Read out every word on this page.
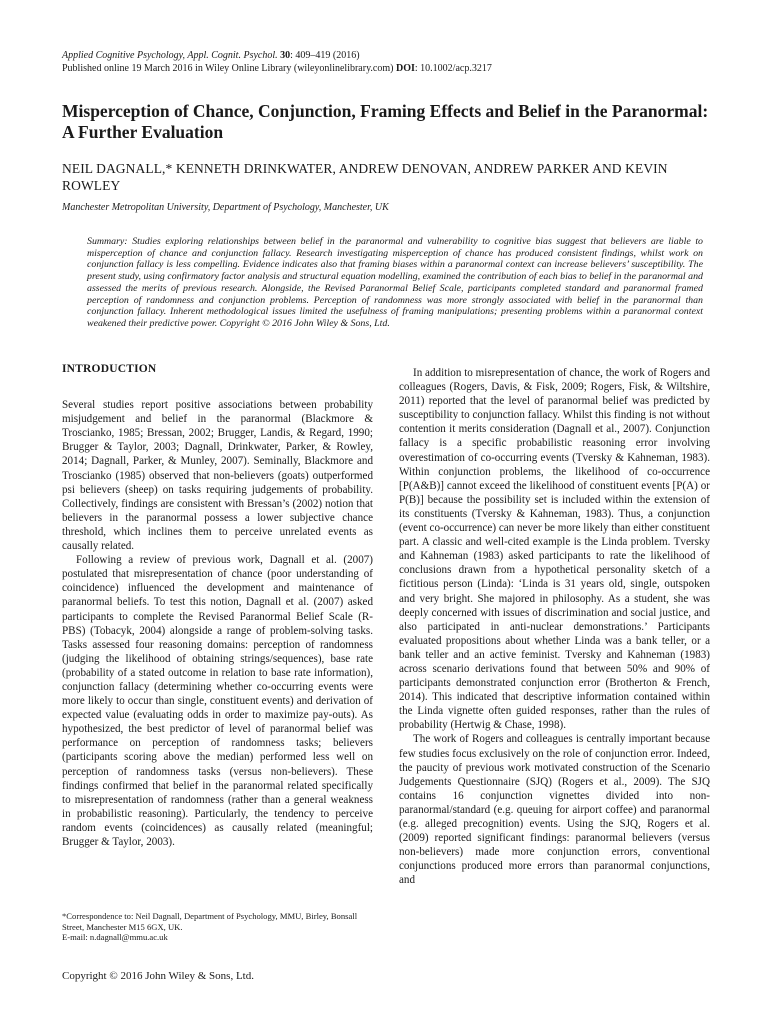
Applied Cognitive Psychology, Appl. Cognit. Psychol. 30: 409–419 (2016)
Published online 19 March 2016 in Wiley Online Library (wileyonlinelibrary.com) DOI: 10.1002/acp.3217
Misperception of Chance, Conjunction, Framing Effects and Belief in the Paranormal: A Further Evaluation
NEIL DAGNALL,* KENNETH DRINKWATER, ANDREW DENOVAN, ANDREW PARKER AND KEVIN ROWLEY
Manchester Metropolitan University, Department of Psychology, Manchester, UK

Summary: Studies exploring relationships between belief in the paranormal and vulnerability to cognitive bias suggest that believers are liable to misperception of chance and conjunction fallacy. Research investigating misperception of chance has produced consistent findings, whilst work on conjunction fallacy is less compelling. Evidence indicates also that framing biases within a paranormal context can increase believers’ susceptibility. The present study, using confirmatory factor analysis and structural equation modelling, examined the contribution of each bias to belief in the paranormal and assessed the merits of previous research. Alongside, the Revised Paranormal Belief Scale, participants completed standard and paranormal framed perception of randomness and conjunction problems. Perception of randomness was more strongly associated with belief in the paranormal than conjunction fallacy. Inherent methodological issues limited the usefulness of framing manipulations; presenting problems within a paranormal context weakened their predictive power. Copyright © 2016 John Wiley & Sons, Ltd.

INTRODUCTION

Several studies report positive associations between probability misjudgement and belief in the paranormal (Blackmore & Troscianko, 1985; Bressan, 2002; Brugger, Landis, & Regard, 1990; Brugger & Taylor, 2003; Dagnall, Drinkwater, Parker, & Rowley, 2014; Dagnall, Parker, & Munley, 2007). Seminally, Blackmore and Troscianko (1985) observed that non-believers (goats) outperformed psi believers (sheep) on tasks requiring judgements of probability. Collectively, findings are consistent with Bressan’s (2002) notion that believers in the paranormal possess a lower subjective chance threshold, which inclines them to perceive unrelated events as causally related.

Following a review of previous work, Dagnall et al. (2007) postulated that misrepresentation of chance (poor understanding of coincidence) influenced the development and maintenance of paranormal beliefs. To test this notion, Dagnall et al. (2007) asked participants to complete the Revised Paranormal Belief Scale (R-PBS) (Tobacyk, 2004) alongside a range of problem-solving tasks. Tasks assessed four reasoning domains: perception of randomness (judging the likelihood of obtaining strings/sequences), base rate (probability of a stated outcome in relation to base rate information), conjunction fallacy (determining whether co-occurring events were more likely to occur than single, constituent events) and derivation of expected value (evaluating odds in order to maximize pay-outs). As hypothesized, the best predictor of level of paranormal belief was performance on perception of randomness tasks; believers (participants scoring above the median) performed less well on perception of randomness tasks (versus non-believers). These findings confirmed that belief in the paranormal related specifically to misrepresentation of randomness (rather than a general weakness in probabilistic reasoning). Particularly, the tendency to perceive random events (coincidences) as causally related (meaningful; Brugger & Taylor, 2003).

*Correspondence to: Neil Dagnall, Department of Psychology, MMU, Birley, Bonsall Street, Manchester M15 6GX, UK.
E-mail: n.dagnall@mmu.ac.uk

In addition to misrepresentation of chance, the work of Rogers and colleagues (Rogers, Davis, & Fisk, 2009; Rogers, Fisk, & Wiltshire, 2011) reported that the level of paranormal belief was predicted by susceptibility to conjunction fallacy. Whilst this finding is not without contention it merits consideration (Dagnall et al., 2007). Conjunction fallacy is a specific probabilistic reasoning error involving overestimation of co-occurring events (Tversky & Kahneman, 1983). Within conjunction problems, the likelihood of co-occurrence [P(A&B)] cannot exceed the likelihood of constituent events [P(A) or P(B)] because the possibility set is included within the extension of its constituents (Tversky & Kahneman, 1983). Thus, a conjunction (event co-occurrence) can never be more likely than either constituent part. A classic and well-cited example is the Linda problem. Tversky and Kahneman (1983) asked participants to rate the likelihood of conclusions drawn from a hypothetical personality sketch of a fictitious person (Linda): ‘Linda is 31 years old, single, outspoken and very bright. She majored in philosophy. As a student, she was deeply concerned with issues of discrimination and social justice, and also participated in anti-nuclear demonstrations.’ Participants evaluated propositions about whether Linda was a bank teller, or a bank teller and an active feminist. Tversky and Kahneman (1983) across scenario derivations found that between 50% and 90% of participants demonstrated conjunction error (Brotherton & French, 2014). This indicated that descriptive information contained within the Linda vignette often guided responses, rather than the rules of probability (Hertwig & Chase, 1998).

The work of Rogers and colleagues is centrally important because few studies focus exclusively on the role of conjunction error. Indeed, the paucity of previous work motivated construction of the Scenario Judgements Questionnaire (SJQ) (Rogers et al., 2009). The SJQ contains 16 conjunction vignettes divided into non-paranormal/standard (e.g. queuing for airport coffee) and paranormal (e.g. alleged precognition) events. Using the SJQ, Rogers et al. (2009) reported significant findings: paranormal believers (versus non-believers) made more conjunction errors, conventional conjunctions produced more errors than paranormal conjunctions, and

Copyright © 2016 John Wiley & Sons, Ltd.
